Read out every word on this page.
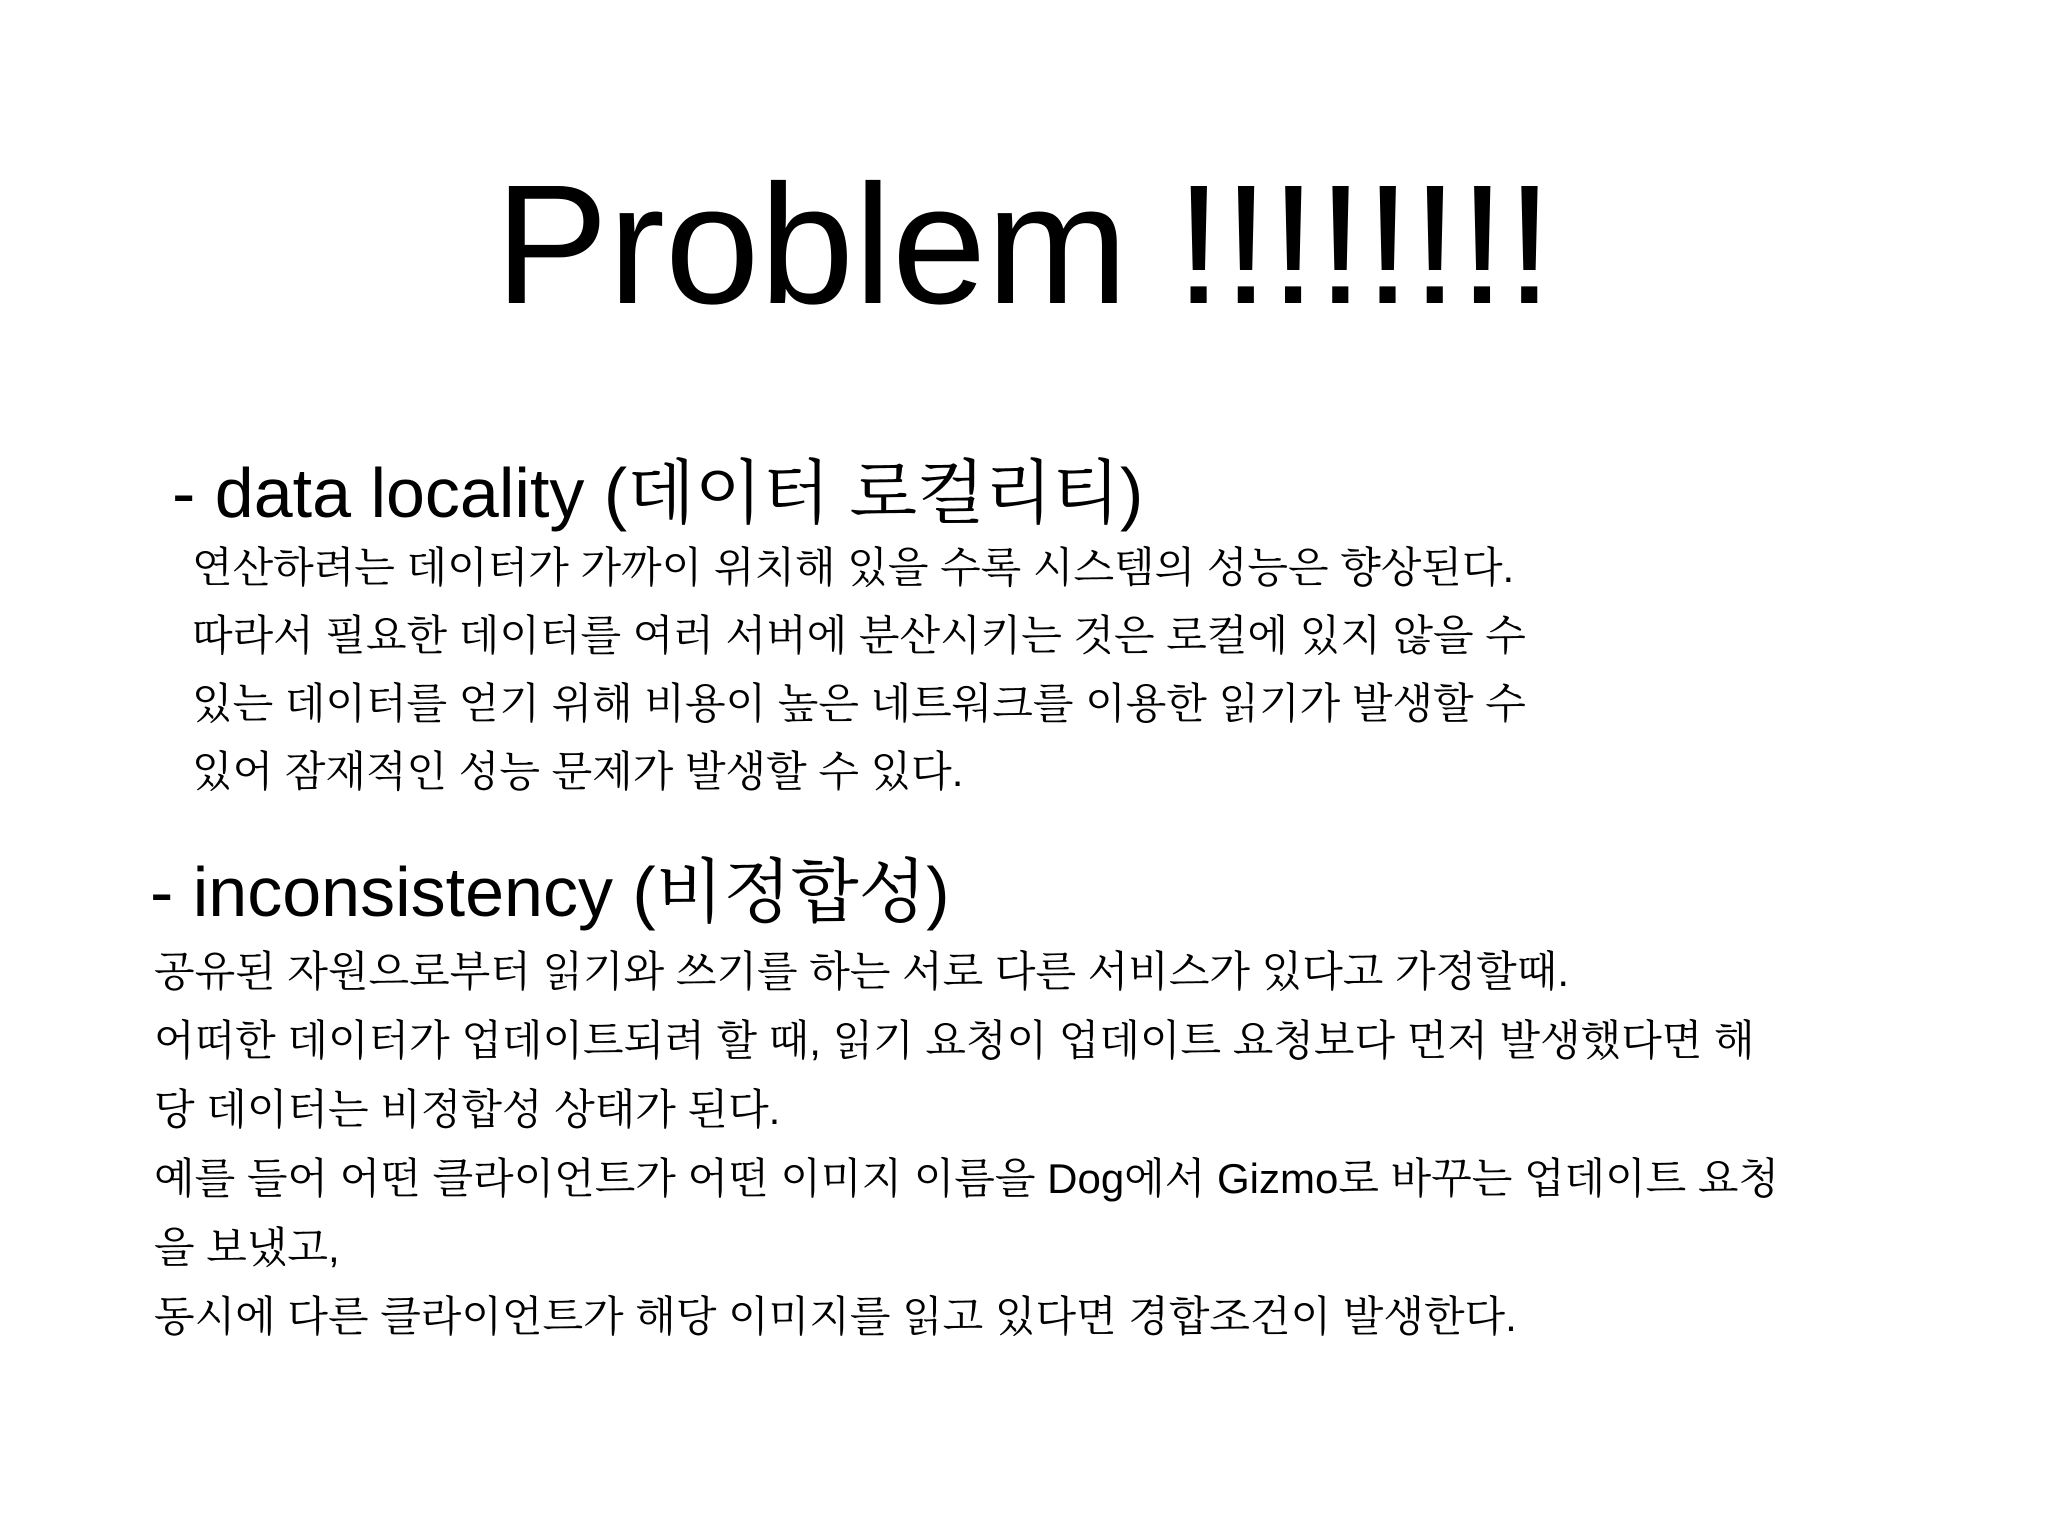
Problem !!!!!!!!
- data locality (데이터 로컬리티)
연산하려는 데이터가 가까이 위치해 있을 수록 시스템의 성능은 향상된다.
따라서 필요한 데이터를 여러 서버에 분산시키는 것은 로컬에 있지 않을 수
있는 데이터를 얻기 위해 비용이 높은 네트워크를 이용한 읽기가 발생할 수
있어 잠재적인 성능 문제가 발생할 수 있다.
- inconsistency (비정합성)
공유된 자원으로부터 읽기와 쓰기를 하는 서로 다른 서비스가 있다고 가정할때.
어떠한 데이터가 업데이트되려 할 때, 읽기 요청이 업데이트 요청보다 먼저 발생했다면 해
당 데이터는 비정합성 상태가 된다.
예를 들어 어떤 클라이언트가 어떤 이미지 이름을 Dog에서 Gizmo로 바꾸는 업데이트 요청
을 보냈고,
동시에 다른 클라이언트가 해당 이미지를 읽고 있다면 경합조건이 발생한다.
